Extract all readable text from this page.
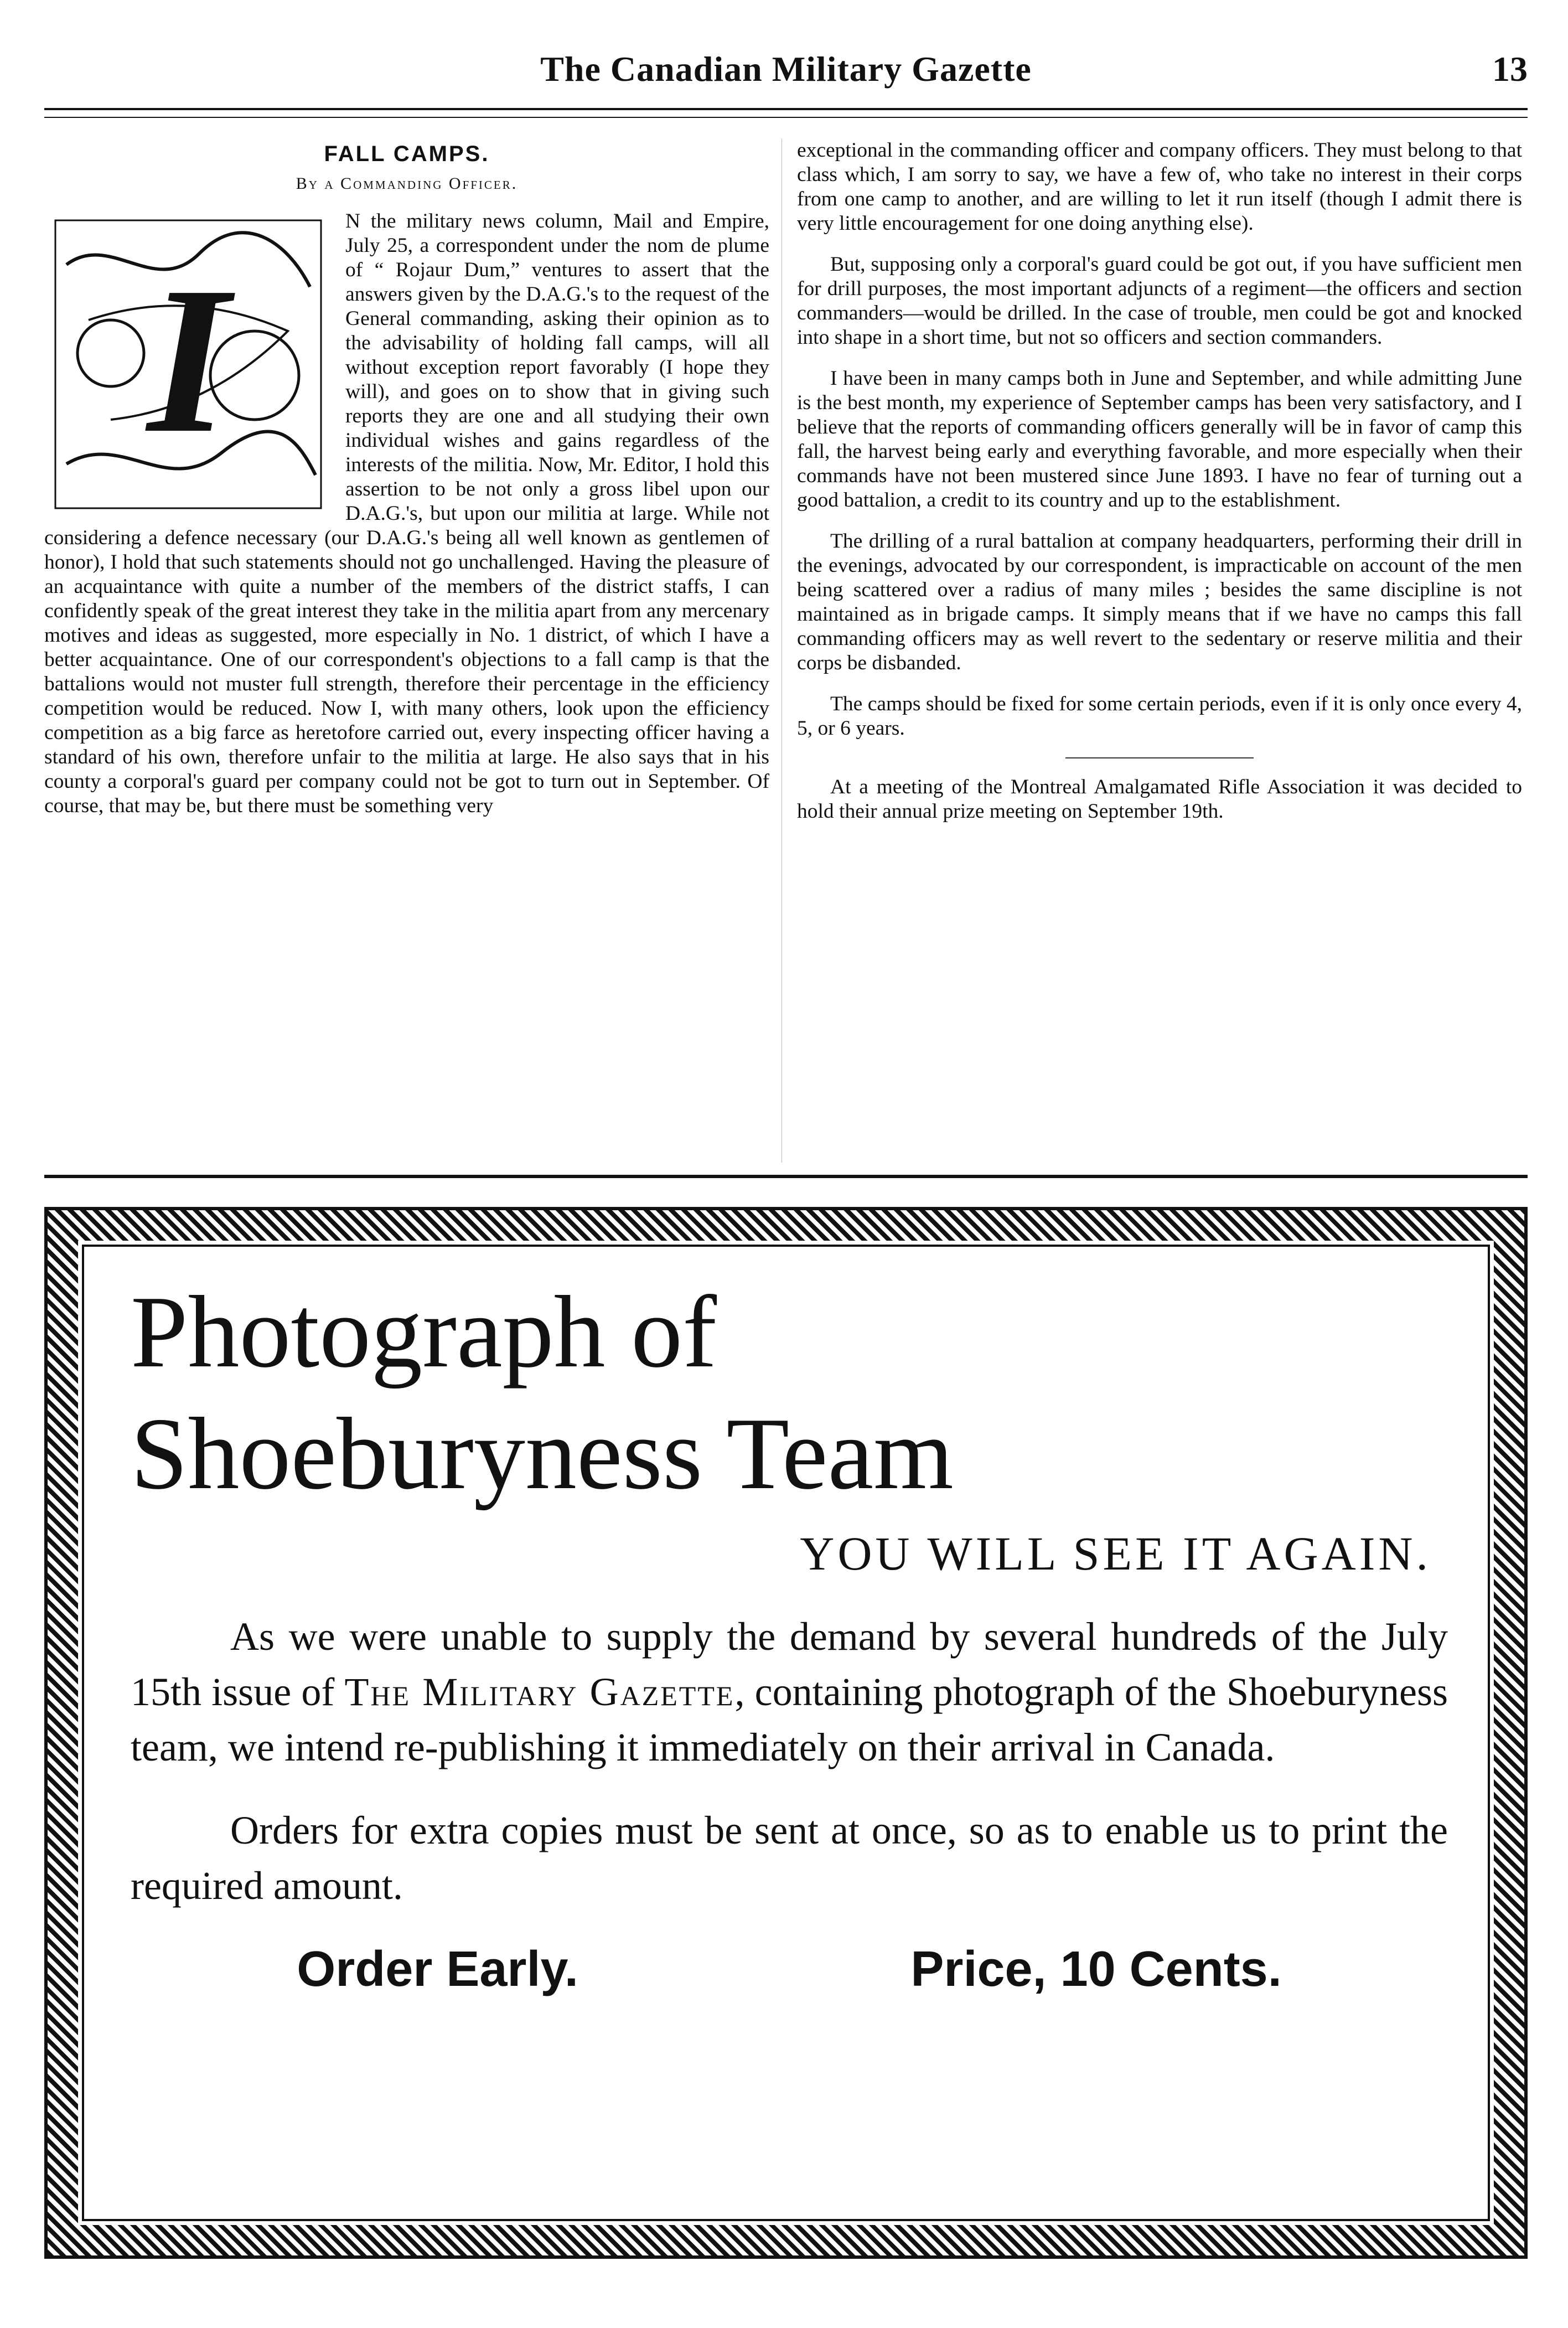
The Canadian Military Gazette	13
FALL CAMPS.
By a Commanding Officer.
I

N the military news column, Mail and Empire, July 25, a correspondent under the nom de plume of “ Rojaur Dum,” ventures to assert that the answers given by the D.A.G.'s to the request of the General commanding, asking their opinion as to the advisability of holding fall camps, will all without exception report favorably (I hope they will), and goes on to show that in giving such reports they are one and all studying their own individual wishes and gains regardless of the interests of the militia. Now, Mr. Editor, I hold this assertion to be not only a gross libel upon our D.A.G.'s, but upon our militia at large. While not considering a defence necessary (our D.A.G.'s being all well known as gentlemen of honor), I hold that such statements should not go unchallenged. Having the pleasure of an acquaintance with quite a number of the members of the district staffs, I can confidently speak of the great interest they take in the militia apart from any mercenary motives and ideas as suggested, more especially in No. 1 district, of which I have a better acquaintance. One of our correspondent's objections to a fall camp is that the battalions would not muster full strength, therefore their percentage in the efficiency competition would be reduced. Now I, with many others, look upon the efficiency competition as a big farce as heretofore carried out, every inspecting officer having a standard of his own, therefore unfair to the militia at large. He also says that in his county a corporal's guard per company could not be got to turn out in September. Of course, that may be, but there must be something very

exceptional in the commanding officer and company officers. They must belong to that class which, I am sorry to say, we have a few of, who take no interest in their corps from one camp to another, and are willing to let it run itself (though I admit there is very little encouragement for one doing anything else).

But, supposing only a corporal's guard could be got out, if you have sufficient men for drill purposes, the most important adjuncts of a regiment—the officers and section commanders—would be drilled. In the case of trouble, men could be got and knocked into shape in a short time, but not so officers and section commanders.

I have been in many camps both in June and September, and while admitting June is the best month, my experience of September camps has been very satisfactory, and I believe that the reports of commanding officers generally will be in favor of camp this fall, the harvest being early and everything favorable, and more especially when their commands have not been mustered since June 1893. I have no fear of turning out a good battalion, a credit to its country and up to the establishment.

The drilling of a rural battalion at company headquarters, performing their drill in the evenings, advocated by our correspondent, is impracticable on account of the men being scattered over a radius of many miles ; besides the same discipline is not maintained as in brigade camps. It simply means that if we have no camps this fall commanding officers may as well revert to the sedentary or reserve militia and their corps be disbanded.

The camps should be fixed for some certain periods, even if it is only once every 4, 5, or 6 years.

At a meeting of the Montreal Amalgamated Rifle Association it was decided to hold their annual prize meeting on September 19th.

Photograph of
Shoeburyness Team
YOU WILL SEE IT AGAIN.

As we were unable to supply the demand by several hundreds of the July 15th issue of The Military Gazette, containing photograph of the Shoeburyness team, we intend re-publishing it immediately on their arrival in Canada.

Orders for extra copies must be sent at once, so as to enable us to print the required amount.

Order Early.	Price, 10 Cents.
